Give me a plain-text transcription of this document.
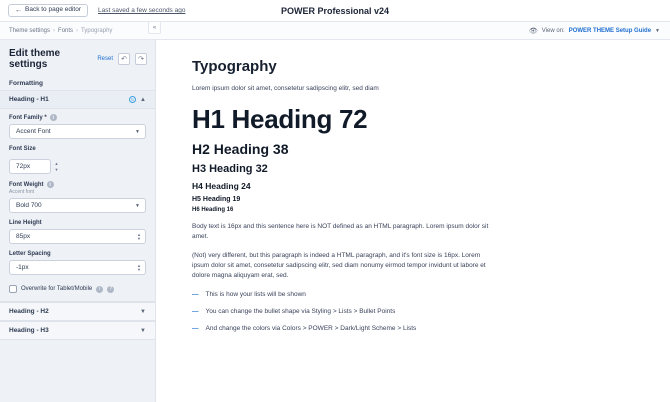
← Back to page editor	Last saved a few seconds ago	POWER Professional v24
Theme settings › Fonts › Typography	«	👁 View on: POWER THEME Setup Guide ▼
Edit theme settings	Reset	↶	↷
Formatting
Heading - H1	↻ ▲
Font Family *	i
Accent Font	▼
Font Size
72px	▲
▼
Font Weight	i
Accent font
Bold 700	▼
Line Height
85px	▲
▼
Letter Spacing
-1px	▲
▼
Overwrite for Tablet/Mobile	i	?
Heading - H2	▼
Heading - H3	▼
Typography
Lorem ipsum dolor sit amet, consetetur sadipscing elitr, sed diam
H1 Heading 72
H2 Heading 38
H3 Heading 32
H4 Heading 24
H5 Heading 19
H6 Heading 16

Body text is 16px and this sentence here is NOT defined as an HTML paragraph. Lorem ipsum dolor sit amet.

(Not) very different, but this paragraph is indeed a HTML paragraph, and it's font size is 16px. Lorem ipsum dolor sit amet, consetetur sadipscing elitr, sed diam nonumy eirmod tempor invidunt ut labore et dolore magna aliquyam erat, sed.

— This is how your lists will be shown
— You can change the bullet shape via Styling > Lists > Bullet Points
— And change the colors via Colors > POWER > Dark/Light Scheme > Lists
